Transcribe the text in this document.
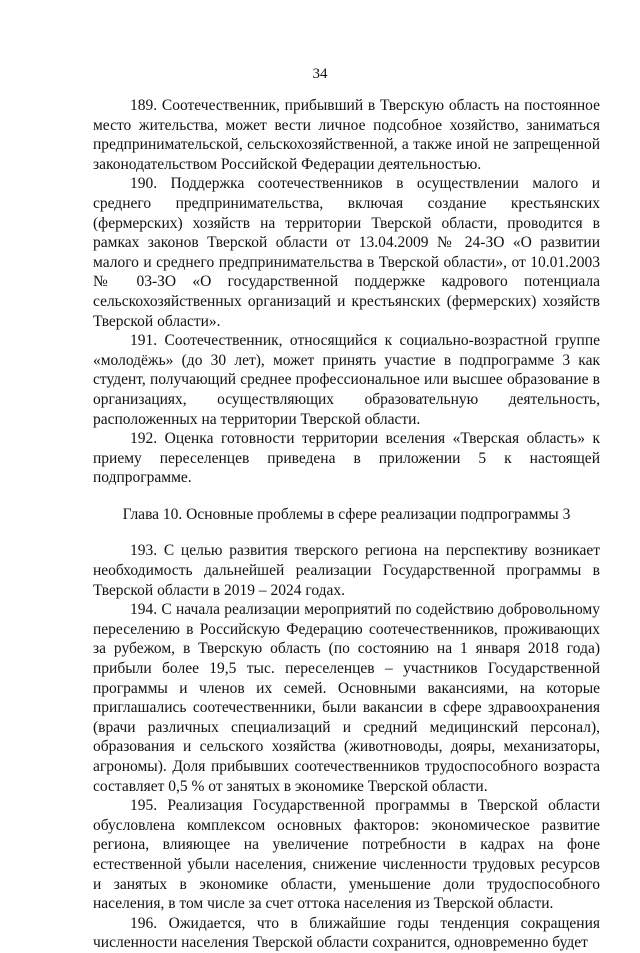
34

189. Соотечественник, прибывший в Тверскую область на постоянное место жительства, может вести личное подсобное хозяйство, заниматься предпринимательской, сельскохозяйственной, а также иной не запрещенной законодательством Российской Федерации деятельностью.

190. Поддержка соотечественников в осуществлении малого и среднего предпринимательства, включая создание крестьянских (фермерских) хозяйств на территории Тверской области, проводится в рамках законов Тверской области от 13.04.2009 № 24-ЗО «О развитии малого и среднего предпринимательства в Тверской области», от 10.01.2003 № 03-ЗО «О государственной поддержке кадрового потенциала сельскохозяйственных организаций и крестьянских (фермерских) хозяйств Тверской области».

191. Соотечественник, относящийся к социально-возрастной группе «молодёжь» (до 30 лет), может принять участие в подпрограмме 3 как студент, получающий среднее профессиональное или высшее образование в организациях, осуществляющих образовательную деятельность, расположенных на территории Тверской области.

192. Оценка готовности территории вселения «Тверская область» к приему переселенцев приведена в приложении 5 к настоящей подпрограмме.

Глава 10. Основные проблемы в сфере реализации подпрограммы 3

193. С целью развития тверского региона на перспективу возникает необходимость дальнейшей реализации Государственной программы в Тверской области в 2019 – 2024 годах.

194. С начала реализации мероприятий по содействию добровольному переселению в Российскую Федерацию соотечественников, проживающих за рубежом, в Тверскую область (по состоянию на 1 января 2018 года) прибыли более 19,5 тыс. переселенцев – участников Государственной программы и членов их семей. Основными вакансиями, на которые приглашались соотечественники, были вакансии в сфере здравоохранения (врачи различных специализаций и средний медицинский персонал), образования и сельского хозяйства (животноводы, дояры, механизаторы, агрономы). Доля прибывших соотечественников трудоспособного возраста составляет 0,5 % от занятых в экономике Тверской области.

195. Реализация Государственной программы в Тверской области обусловлена комплексом основных факторов: экономическое развитие региона, влияющее на увеличение потребности в кадрах на фоне естественной убыли населения, снижение численности трудовых ресурсов и занятых в экономике области, уменьшение доли трудоспособного населения, в том числе за счет оттока населения из Тверской области.

196. Ожидается, что в ближайшие годы тенденция сокращения численности населения Тверской области сохранится, одновременно будет
